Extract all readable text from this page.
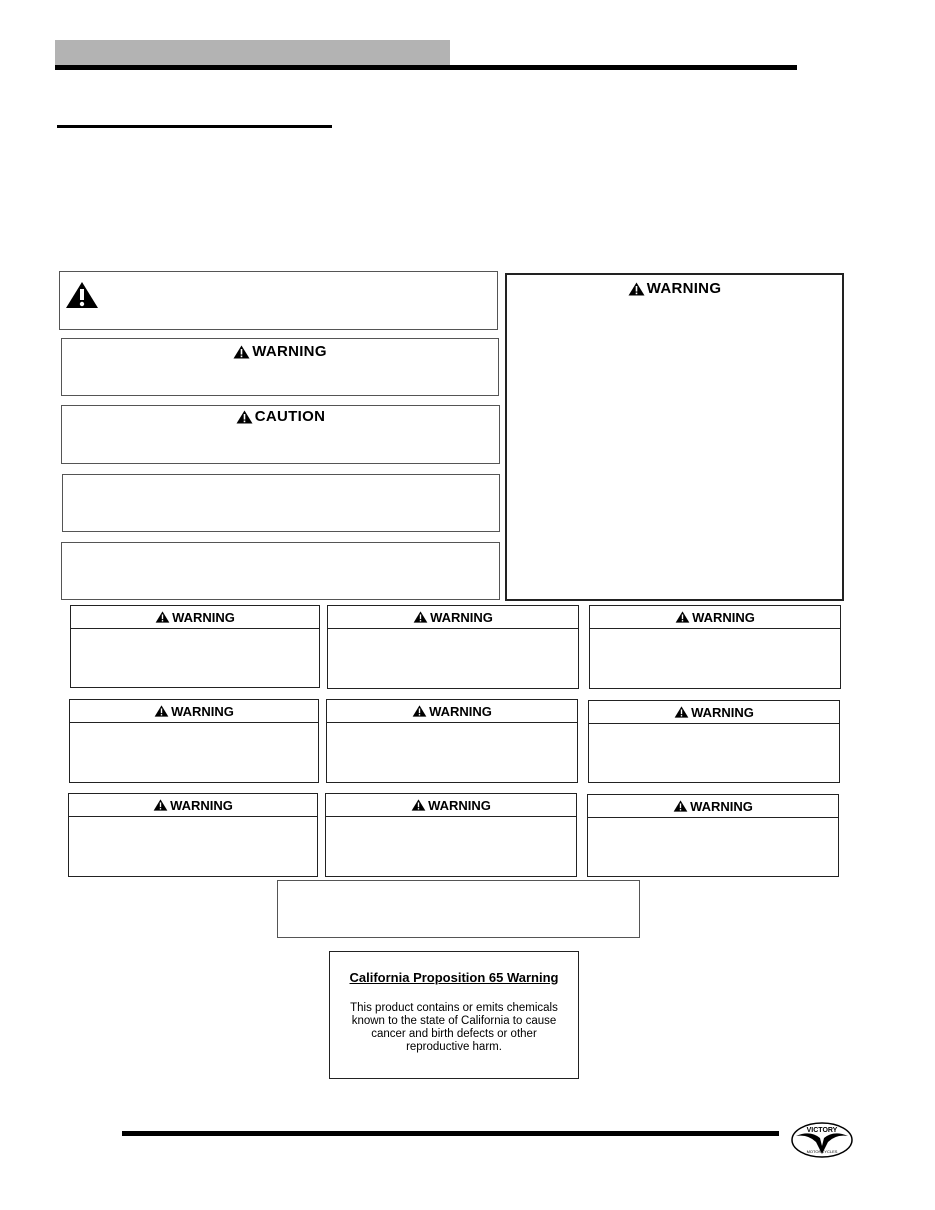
WARNING
CAUTION
WARNING
WARNING	WARNING	WARNING
WARNING	WARNING	WARNING
WARNING	WARNING	WARNING
California Proposition 65 Warning
This product contains or emits chemicals known to the state of California to cause cancer and birth defects or other reproductive harm.
VICTORY
MOTORCYCLES
